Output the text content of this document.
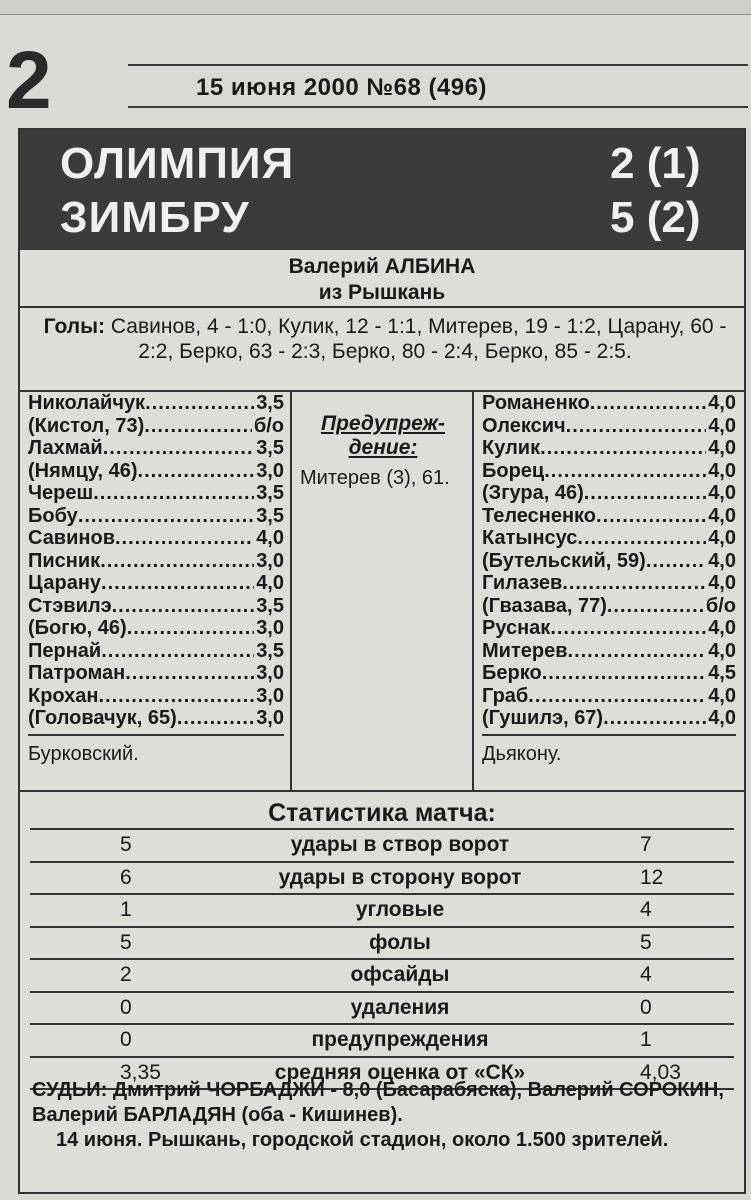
2	15 июня 2000 №68 (496)
ОЛИМПИЯ	2 (1)
ЗИМБРУ	5 (2)
Валерий АЛБИНА
из Рышкань
Голы: Савинов, 4 - 1:0, Кулик, 12 - 1:1, Митерев, 19 - 1:2, Царану, 60 - 2:2, Берко, 63 - 2:3, Берко, 80 - 2:4, Берко, 85 - 2:5.
Николайчук .....	3,5
(Кистол, 73) .....	б/о
Лахмай .....	3,5
(Нямцу, 46) .....	3,0
Череш .....	3,5
Бобу .....	3,5
Савинов .....	4,0
Писник .....	3,0
Царану .....	4,0
Стэвилэ .....	3,5
(Богю, 46) .....	3,0
Пернай .....	3,5
Патроман .....	3,0
Крохан .....	3,0
(Головачук, 65) .....	3,0
Бурковский.
Предупреж-дение:
Митерев (3), 61.
Романенко .....	4,0
Олексич .....	4,0
Кулик .....	4,0
Борец .....	4,0
(Згура, 46) .....	4,0
Телесненко .....	4,0
Катынсус .....	4,0
(Бутельский, 59) .....	4,0
Гилазев .....	4,0
(Гвазава, 77) .....	б/о
Руснак .....	4,0
Митерев .....	4,0
Берко .....	4,5
Граб .....	4,0
(Гушилэ, 67) .....	4,0
Дьякону.
Статистика матча:
5	удары в створ ворот	7
6	удары в сторону ворот	12
1	угловые	4
5	фолы	5
2	офсайды	4
0	удаления	0
0	предупреждения	1
3,35	средняя оценка от «СК»	4,03

СУДЬИ: Дмитрий ЧОРБАДЖИ - 8,0 (Басарабяска), Валерий СОРОКИН, Валерий БАРЛАДЯН (оба - Кишинев).

14 июня. Рышкань, городской стадион, около 1.500 зрителей.
